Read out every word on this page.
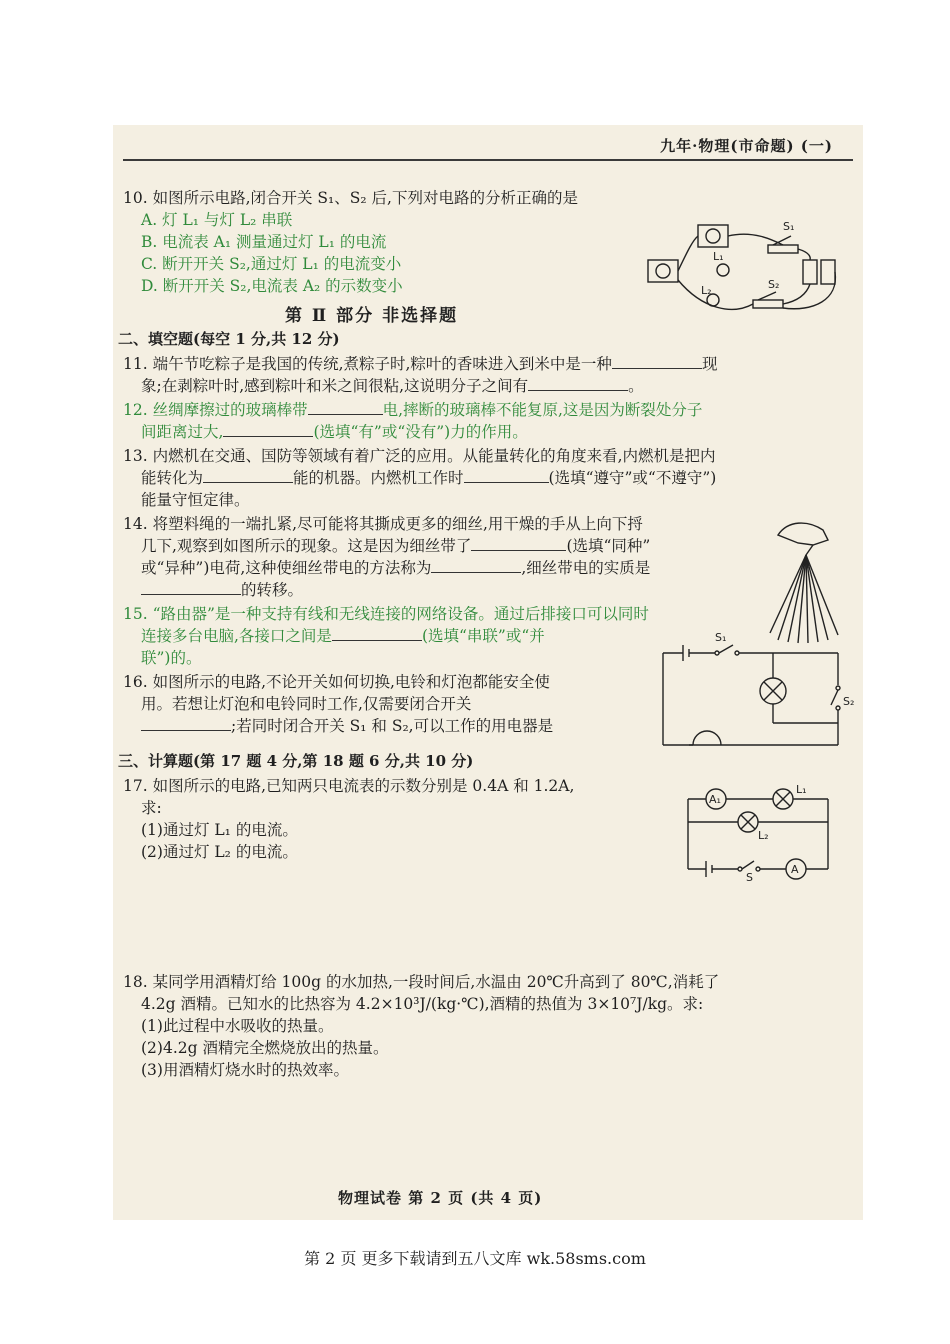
九年·物理(市命题) (一)
10. 如图所示电路,闭合开关 S₁、S₂ 后,下列对电路的分析正确的是
A. 灯 L₁ 与灯 L₂ 串联
B. 电流表 A₁ 测量通过灯 L₁ 的电流
C. 断开开关 S₂,通过灯 L₁ 的电流变小
D. 断开开关 S₂,电流表 A₂ 的示数变小
S₁
L₁
L₂	S₂
第 Ⅱ 部分 非选择题
二、填空题(每空 1 分,共 12 分)
11. 端午节吃粽子是我国的传统,煮粽子时,粽叶的香味进入到米中是一种	现
象;在剥粽叶时,感到粽叶和米之间很粘,这说明分子之间有	。
12. 丝绸摩擦过的玻璃棒带	电,摔断的玻璃棒不能复原,这是因为断裂处分子
间距离过大,	(选填“有”或“没有”)力的作用。
13. 内燃机在交通、国防等领域有着广泛的应用。从能量转化的角度来看,内燃机是把内
能转化为	能的机器。内燃机工作时	(选填“遵守”或“不遵守”)
能量守恒定律。
14. 将塑料绳的一端扎紧,尽可能将其撕成更多的细丝,用干燥的手从上向下捋
几下,观察到如图所示的现象。这是因为细丝带了	(选填“同种”
或“异种”)电荷,这种使细丝带电的方法称为	,细丝带电的实质是
的转移。
15. “路由器”是一种支持有线和无线连接的网络设备。通过后排接口可以同时
连接多台电脑,各接口之间是	(选填“串联”或“并
联”)的。
16. 如图所示的电路,不论开关如何切换,电铃和灯泡都能安全使
用。若想让灯泡和电铃同时工作,仅需要闭合开关
;若同时闭合开关 S₁ 和 S₂,可以工作的用电器是
S₁
S₂
三、计算题(第 17 题 4 分,第 18 题 6 分,共 10 分)
17. 如图所示的电路,已知两只电流表的示数分别是 0.4A 和 1.2A,
求:
(1)通过灯 L₁ 的电流。
(2)通过灯 L₂ 的电流。
A₁
L₁
L₂
S
A
18. 某同学用酒精灯给 100g 的水加热,一段时间后,水温由 20℃升高到了 80℃,消耗了
4.2g 酒精。已知水的比热容为 4.2×10³J/(kg·℃),酒精的热值为 3×10⁷J/kg。求:
(1)此过程中水吸收的热量。
(2)4.2g 酒精完全燃烧放出的热量。
(3)用酒精灯烧水时的热效率。
物理试卷 第 2 页 (共 4 页)
第 2 页 更多下载请到五八文库 wk.58sms.com
